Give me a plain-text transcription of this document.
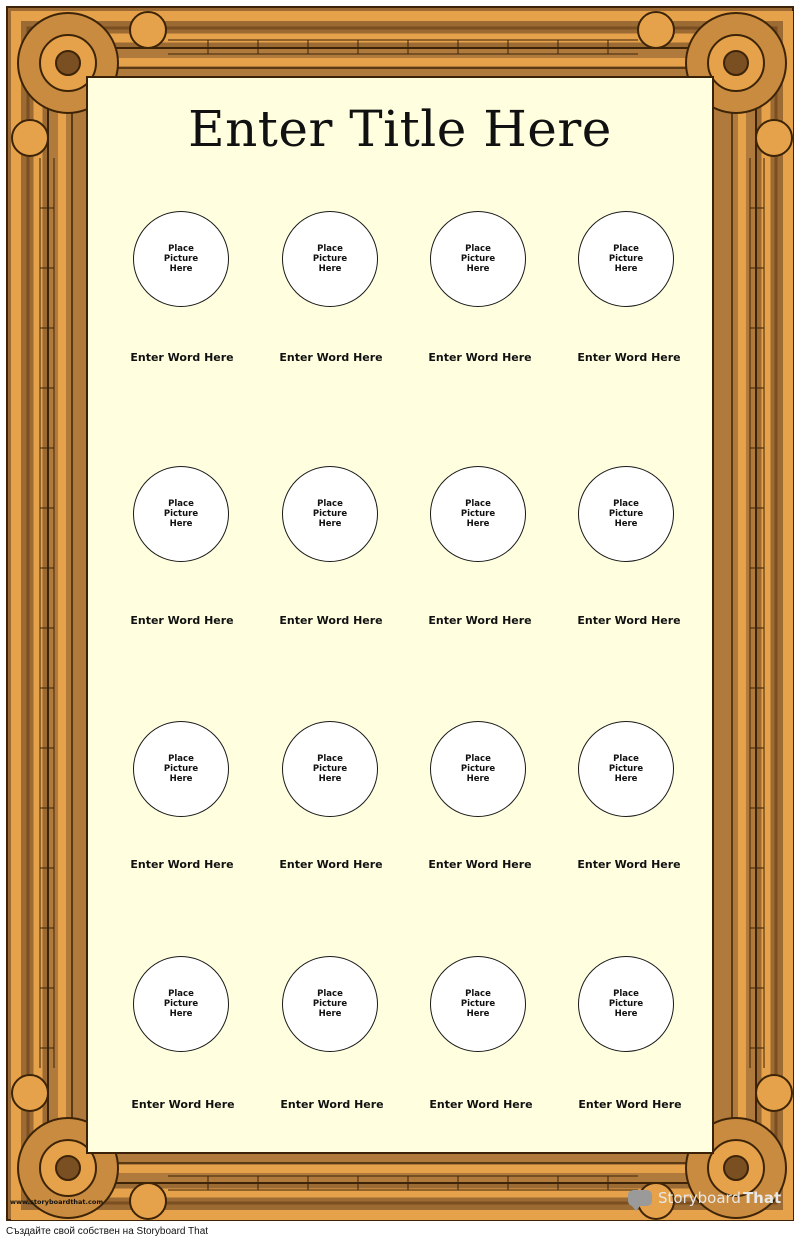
Enter Title Here
Place Picture Here
Place Picture Here
Place Picture Here
Place Picture Here
Enter Word Here	Enter Word Here	Enter Word Here	Enter Word Here
Place Picture Here
Place Picture Here
Place Picture Here
Place Picture Here
Enter Word Here	Enter Word Here	Enter Word Here	Enter Word Here
Place Picture Here
Place Picture Here
Place Picture Here
Place Picture Here
Enter Word Here	Enter Word Here	Enter Word Here	Enter Word Here
Place Picture Here
Place Picture Here
Place Picture Here
Place Picture Here
Enter Word Here	Enter Word Here	Enter Word Here	Enter Word Here
www.storyboardthat.com	Storyboard That
Създайте свой собствен на Storyboard That
